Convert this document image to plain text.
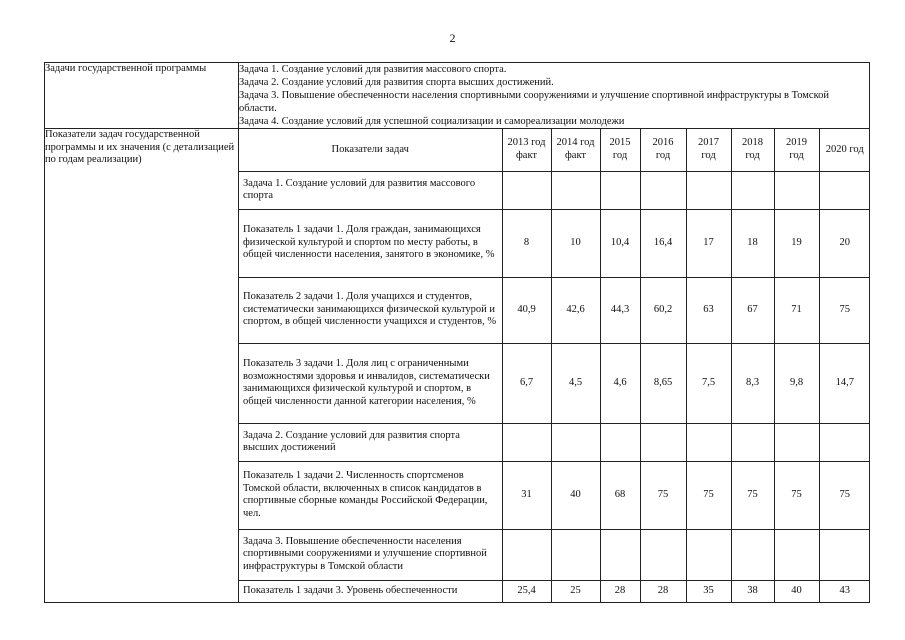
2
Задачи государственной программы	Задача 1. Создание условий для развития массового спорта.
Задача 2. Создание условий для развития спорта высших достижений.
Задача 3. Повышение обеспеченности населения спортивными сооружениями и улучшение спортивной инфраструктуры в Томской области.
Задача 4. Создание условий для успешной социализации и самореализации молодежи

Показатели задач государственной программы и их значения (с детализацией по годам реализации)	
Показатели задач	2013 год факт	2014 год факт	2015 год	2016 год	2017 год	2018 год	2019 год	2020 год
Задача 1. Создание условий для развития массового спорта								
Показатель 1 задачи 1. Доля граждан, занимающихся физической культурой и спортом по месту работы, в общей численности населения, занятого в экономике, %	8	10	10,4	16,4	17	18	19	20
Показатель 2 задачи 1. Доля учащихся и студентов, систематически занимающихся физической культурой и спортом, в общей численности учащихся и студентов, %	40,9	42,6	44,3	60,2	63	67	71	75
Показатель 3 задачи 1. Доля лиц с ограниченными возможностями здоровья и инвалидов, систематически занимающихся физической культурой и спортом, в общей численности данной категории населения, %	6,7	4,5	4,6	8,65	7,5	8,3	9,8	14,7
Задача 2. Создание условий для развития спорта высших достижений								
Показатель 1 задачи 2. Численность спортсменов Томской области, включенных в список кандидатов в спортивные сборные команды Российской Федерации, чел.	31	40	68	75	75	75	75	75
Задача 3. Повышение обеспеченности населения спортивными сооружениями и улучшение спортивной инфраструктуры в Томской области								
Показатель 1 задачи 3. Уровень обеспеченности	25,4	25	28	28	35	38	40	43
